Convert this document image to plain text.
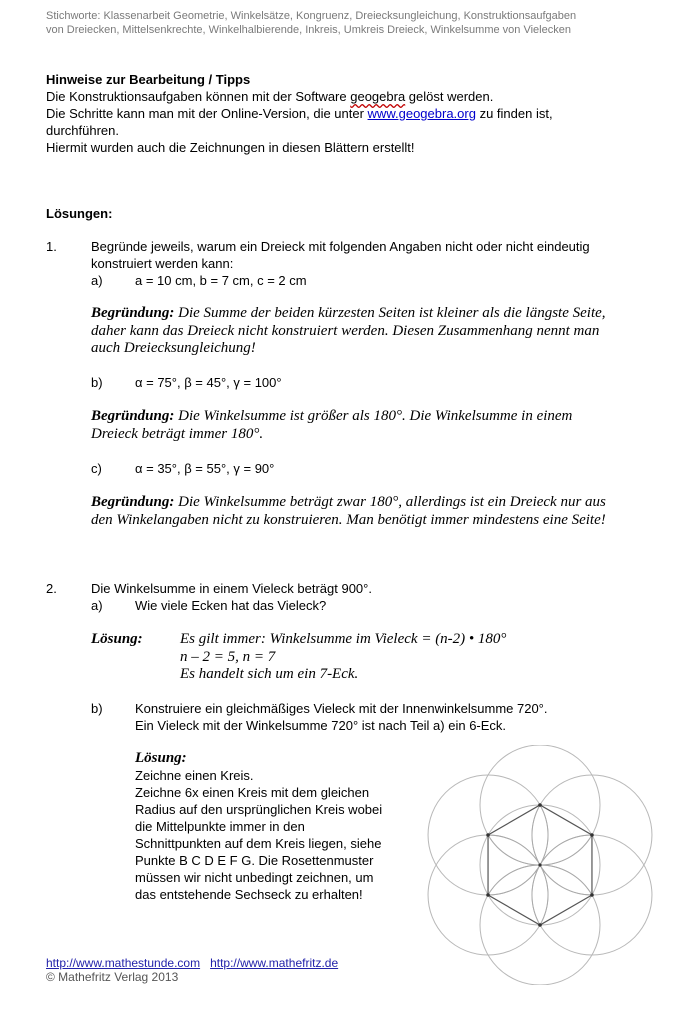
Stichworte: Klassenarbeit Geometrie, Winkelsätze, Kongruenz, Dreiecksungleichung, Konstruktionsaufgaben
von Dreiecken, Mittelsenkrechte, Winkelhalbierende, Inkreis, Umkreis Dreieck, Winkelsumme von Vielecken
Hinweise zur Bearbeitung / Tipps
Die Konstruktionsaufgaben können mit der Software geogebra gelöst werden.
Die Schritte kann man mit der Online-Version, die unter www.geogebra.org zu finden ist,
durchführen.
Hiermit wurden auch die Zeichnungen in diesen Blättern erstellt!
Lösungen:
1.	Begründe jeweils, warum ein Dreieck mit folgenden Angaben nicht oder nicht eindeutig
konstruiert werden kann:
a) a = 10 cm, b = 7 cm, c = 2 cm
Begründung: Die Summe der beiden kürzesten Seiten ist kleiner als die längste Seite,
daher kann das Dreieck nicht konstruiert werden. Diesen Zusammenhang nennt man
auch Dreiecksungleichung!
b) α = 75°, β = 45°, γ = 100°
Begründung: Die Winkelsumme ist größer als 180°. Die Winkelsumme in einem
Dreieck beträgt immer 180°.
c)	α = 35°, β = 55°, γ = 90°
Begründung: Die Winkelsumme beträgt zwar 180°, allerdings ist ein Dreieck nur aus
den Winkelangaben nicht zu konstruieren. Man benötigt immer mindestens eine Seite!
2.	Die Winkelsumme in einem Vieleck beträgt 900°.
a) Wie viele Ecken hat das Vieleck?
Lösung: Es gilt immer: Winkelsumme im Vieleck = (n-2) • 180°
n – 2 = 5, n = 7
Es handelt sich um ein 7-Eck.
b) Konstruiere ein gleichmäßiges Vieleck mit der Innenwinkelsumme 720°.
Ein Vieleck mit der Winkelsumme 720° ist nach Teil a) ein 6-Eck.
Lösung:
Zeichne einen Kreis.
Zeichne 6x einen Kreis mit dem gleichen
Radius auf den ursprünglichen Kreis wobei
die Mittelpunkte immer in den
Schnittpunkten auf dem Kreis liegen, siehe
Punkte B C D E F G. Die Rosettenmuster
müssen wir nicht unbedingt zeichnen, um
das entstehende Sechseck zu erhalten!
http://www.mathestunde.com http://www.mathefritz.de
© Mathefritz Verlag 2013
